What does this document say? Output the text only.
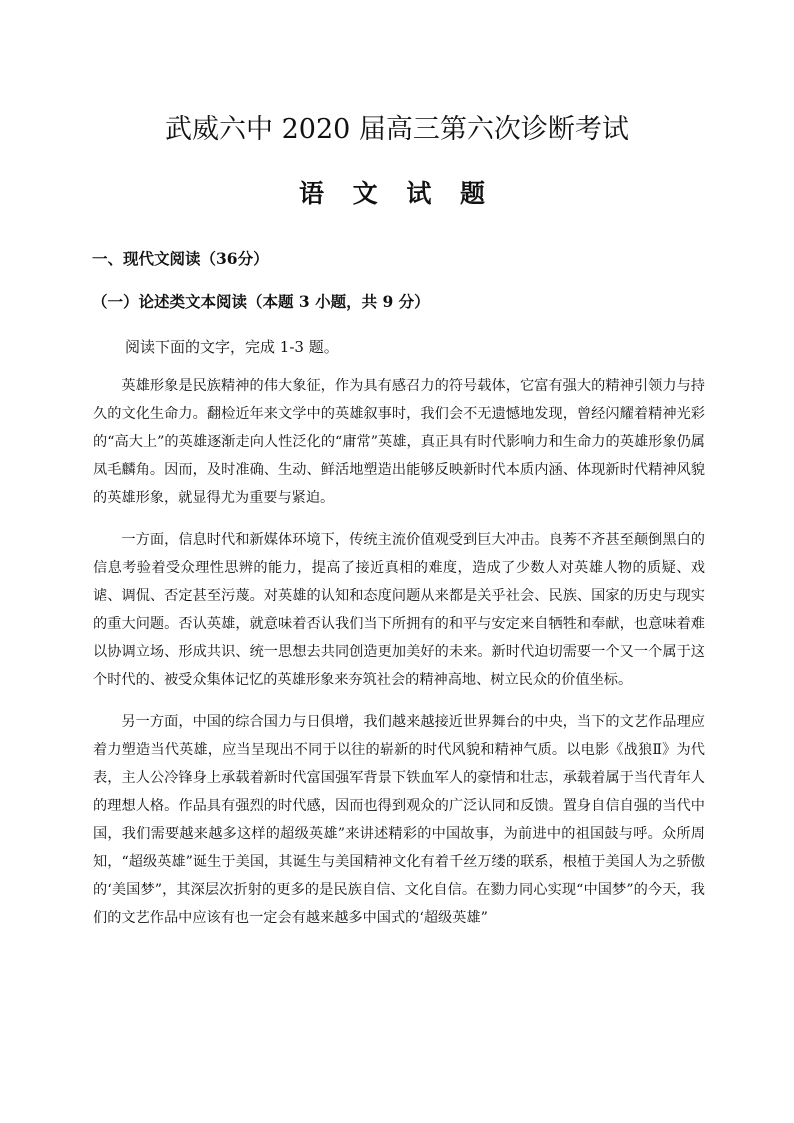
武威六中 2020 届高三第六次诊断考试
语 文 试 题
一、现代文阅读（36分）
（一）论述类文本阅读（本题 3 小题，共 9 分）
阅读下面的文字，完成 1-3 题。

英雄形象是民族精神的伟大象征，作为具有感召力的符号载体，它富有强大的精神引领力与持久的文化生命力。翻检近年来文学中的英雄叙事时，我们会不无遗憾地发现，曾经闪耀着精神光彩的“高大上”的英雄逐渐走向人性泛化的“庸常”英雄，真正具有时代影响力和生命力的英雄形象仍属凤毛麟角。因而，及时准确、生动、鲜活地塑造出能够反映新时代本质内涵、体现新时代精神风貌的英雄形象，就显得尤为重要与紧迫。

一方面，信息时代和新媒体环境下，传统主流价值观受到巨大冲击。良莠不齐甚至颠倒黑白的信息考验着受众理性思辨的能力，提高了接近真相的难度，造成了少数人对英雄人物的质疑、戏谑、调侃、否定甚至污蔑。对英雄的认知和态度问题从来都是关乎社会、民族、国家的历史与现实的重大问题。否认英雄，就意味着否认我们当下所拥有的和平与安定来自牺牲和奉献，也意味着难以协调立场、形成共识、统一思想去共同创造更加美好的未来。新时代迫切需要一个又一个属于这个时代的、被受众集体记忆的英雄形象来夯筑社会的精神高地、树立民众的价值坐标。

另一方面，中国的综合国力与日俱增，我们越来越接近世界舞台的中央，当下的文艺作品理应着力塑造当代英雄，应当呈现出不同于以往的崭新的时代风貌和精神气质。以电影《战狼Ⅱ》为代表，主人公冷锋身上承载着新时代富国强军背景下铁血军人的豪情和壮志，承载着属于当代青年人的理想人格。作品具有强烈的时代感，因而也得到观众的广泛认同和反馈。置身自信自强的当代中国，我们需要越来越多这样的超级英雄”来讲述精彩的中国故事，为前进中的祖国鼓与呼。众所周知，“超级英雄”诞生于美国，其诞生与美国精神文化有着千丝万缕的联系，根植于美国人为之骄傲的‘美国梦”，其深层次折射的更多的是民族自信、文化自信。在勠力同心实现“中国梦”的今天，我们的文艺作品中应该有也一定会有越来越多中国式的‘超级英雄”
